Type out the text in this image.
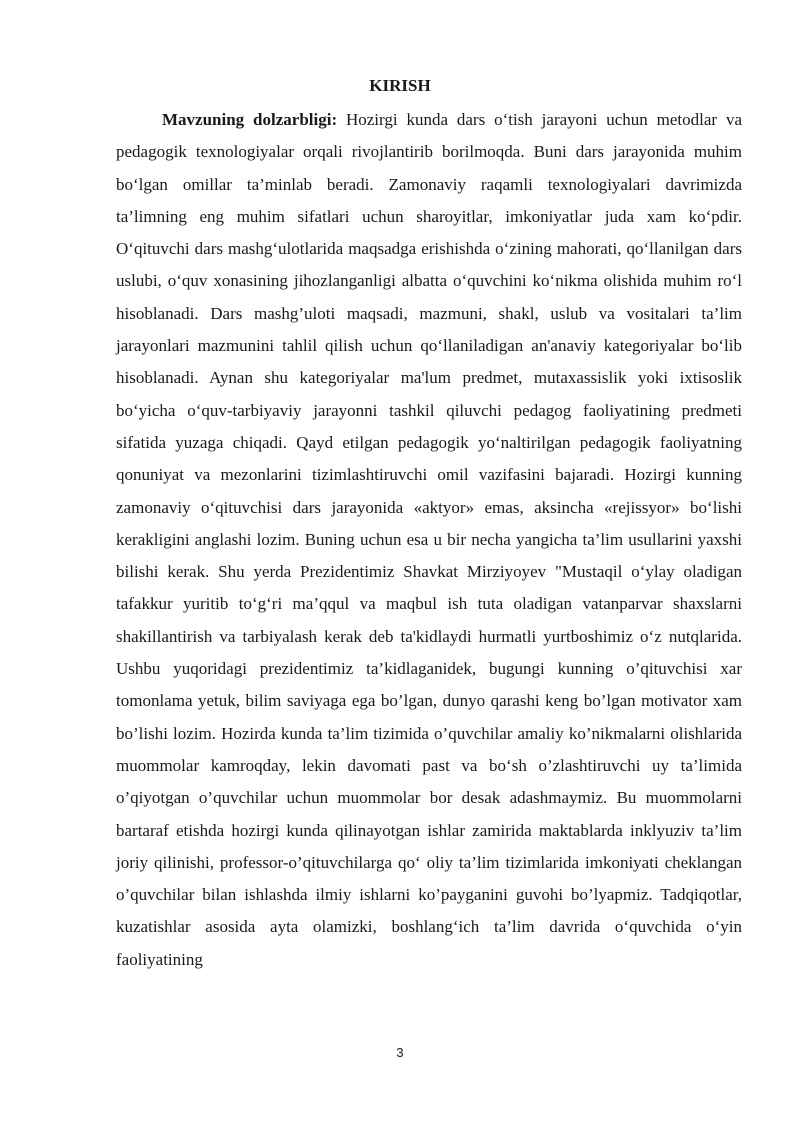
KIRISH

Mavzuning dolzarbligi: Hozirgi kunda dars o‘tish jarayoni uchun metodlar va pedagogik texnologiyalar orqali rivojlantirib borilmoqda. Buni dars jarayonida muhim bo‘lgan omillar ta’minlab beradi. Zamonaviy raqamli texnologiyalari davrimizda ta’limning eng muhim sifatlari uchun sharoyitlar, imkoniyatlar juda xam ko‘pdir. O‘qituvchi dars mashg‘ulotlarida maqsadga erishishda o‘zining mahorati, qo‘llanilgan dars uslubi, o‘quv xonasining jihozlanganligi albatta o‘quvchini ko‘nikma olishida muhim ro‘l hisoblanadi. Dars mashg’uloti maqsadi, mazmuni, shakl, uslub va vositalari ta’lim jarayonlari mazmunini tahlil qilish uchun qo‘llaniladigan an'anaviy kategoriyalar bo‘lib hisoblanadi. Aynan shu kategoriyalar ma'lum predmet, mutaxassislik yoki ixtisoslik bo‘yicha o‘quv-tarbiyaviy jarayonni tashkil qiluvchi pedagog faoliyatining predmeti sifatida yuzaga chiqadi. Qayd etilgan pedagogik yo‘naltirilgan pedagogik faoliyatning qonuniyat va mezonlarini tizimlashtiruvchi omil vazifasini bajaradi. Hozirgi kunning zamonaviy o‘qituvchisi dars jarayonida «aktyor» emas, aksincha «rejissyor» bo‘lishi kerakligini anglashi lozim. Buning uchun esa u bir necha yangicha ta’lim usullarini yaxshi bilishi kerak. Shu yerda Prezidentimiz Shavkat Mirziyoyev "Mustaqil o‘ylay oladigan tafakkur yuritib to‘g‘ri ma’qqul va maqbul ish tuta oladigan vatanparvar shaxslarni shakillantirish va tarbiyalash kerak deb ta'kidlaydi hurmatli yurtboshimiz o‘z nutqlarida. Ushbu yuqoridagi prezidentimiz ta’kidlaganidek, bugungi kunning o’qituvchisi xar tomonlama yetuk, bilim saviyaga ega bo’lgan, dunyo qarashi keng bo’lgan motivator xam bo’lishi lozim. Hozirda kunda ta’lim tizimida o’quvchilar amaliy ko’nikmalarni olishlarida muommolar kamroqday, lekin davomati past va bo‘sh o’zlashtiruvchi uy ta’limida o’qiyotgan o’quvchilar uchun muommolar bor desak adashmaymiz. Bu muommolarni bartaraf etishda hozirgi kunda qilinayotgan ishlar zamirida maktablarda inklyuziv ta’lim joriy qilinishi, professor-o’qituvchilarga qo‘ oliy ta’lim tizimlarida imkoniyati cheklangan o’quvchilar bilan ishlashda ilmiy ishlarni ko’payganini guvohi bo’lyapmiz. Tadqiqotlar, kuzatishlar asosida ayta olamizki, boshlang‘ich ta’lim davrida o‘quvchida o‘yin faoliyatining

3
